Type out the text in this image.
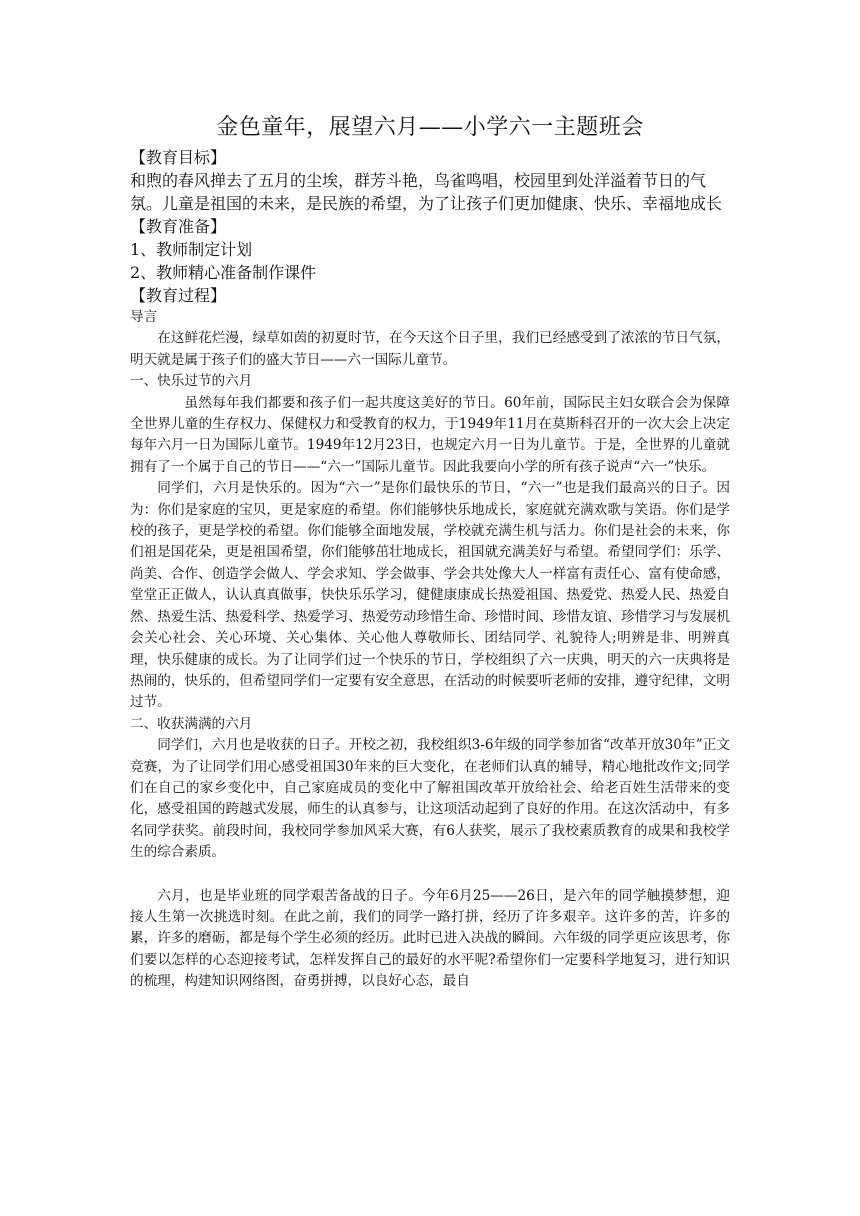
金色童年，展望六月——小学六一主题班会

【教育目标】

和煦的春风掸去了五月的尘埃，群芳斗艳，鸟雀鸣唱，校园里到处洋溢着节日的气氛。儿童是祖国的未来，是民族的希望，为了让孩子们更加健康、快乐、幸福地成长

【教育准备】

1、教师制定计划

2、教师精心准备制作课件

【教育过程】

导言

在这鲜花烂漫，绿草如茵的初夏时节，在今天这个日子里，我们已经感受到了浓浓的节日气氛，明天就是属于孩子们的盛大节日——六一国际儿童节。

一、快乐过节的六月

虽然每年我们都要和孩子们一起共度这美好的节日。60年前，国际民主妇女联合会为保障全世界儿童的生存权力、保健权力和受教育的权力，于1949年11月在莫斯科召开的一次大会上决定每年六月一日为国际儿童节。1949年12月23日，也规定六月一日为儿童节。于是，全世界的儿童就拥有了一个属于自己的节日——“六一”国际儿童节。因此我要向小学的所有孩子说声“六一”快乐。

同学们，六月是快乐的。因为“六一”是你们最快乐的节日，“六一”也是我们最高兴的日子。因为：你们是家庭的宝贝，更是家庭的希望。你们能够快乐地成长，家庭就充满欢歌与笑语。你们是学校的孩子，更是学校的希望。你们能够全面地发展，学校就充满生机与活力。你们是社会的未来，你们祖是国花朵，更是祖国希望，你们能够茁壮地成长，祖国就充满美好与希望。希望同学们：乐学、尚美、合作、创造学会做人、学会求知、学会做事、学会共处像大人一样富有责任心、富有使命感，堂堂正正做人，认认真真做事，快快乐乐学习，健健康康成长热爱祖国、热爱党、热爱人民、热爱自然、热爱生活、热爱科学、热爱学习、热爱劳动珍惜生命、珍惜时间、珍惜友谊、珍惜学习与发展机会关心社会、关心环境、关心集体、关心他人尊敬师长、团结同学、礼貌待人;明辨是非、明辨真理，快乐健康的成长。为了让同学们过一个快乐的节日，学校组织了六一庆典，明天的六一庆典将是热闹的，快乐的，但希望同学们一定要有安全意思，在活动的时候要听老师的安排，遵守纪律，文明过节。

二、收获满满的六月

同学们，六月也是收获的日子。开校之初，我校组织3-6年级的同学参加省“改革开放30年”正文竞赛，为了让同学们用心感受祖国30年来的巨大变化，在老师们认真的辅导，精心地批改作文;同学们在自己的家乡变化中，自己家庭成员的变化中了解祖国改革开放给社会、给老百姓生活带来的变化，感受祖国的跨越式发展，师生的认真参与，让这项活动起到了良好的作用。在这次活动中，有多名同学获奖。前段时间，我校同学参加风采大赛，有6人获奖，展示了我校素质教育的成果和我校学生的综合素质。

六月，也是毕业班的同学艰苦备战的日子。今年6月25——26日，是六年的同学触摸梦想，迎接人生第一次挑选时刻。在此之前，我们的同学一路打拼，经历了许多艰辛。这许多的苦，许多的累，许多的磨砺，都是每个学生必须的经历。此时已进入决战的瞬间。六年级的同学更应该思考，你们要以怎样的心态迎接考试，怎样发挥自己的最好的水平呢?希望你们一定要科学地复习，进行知识的梳理，构建知识网络图，奋勇拼搏，以良好心态，最自
